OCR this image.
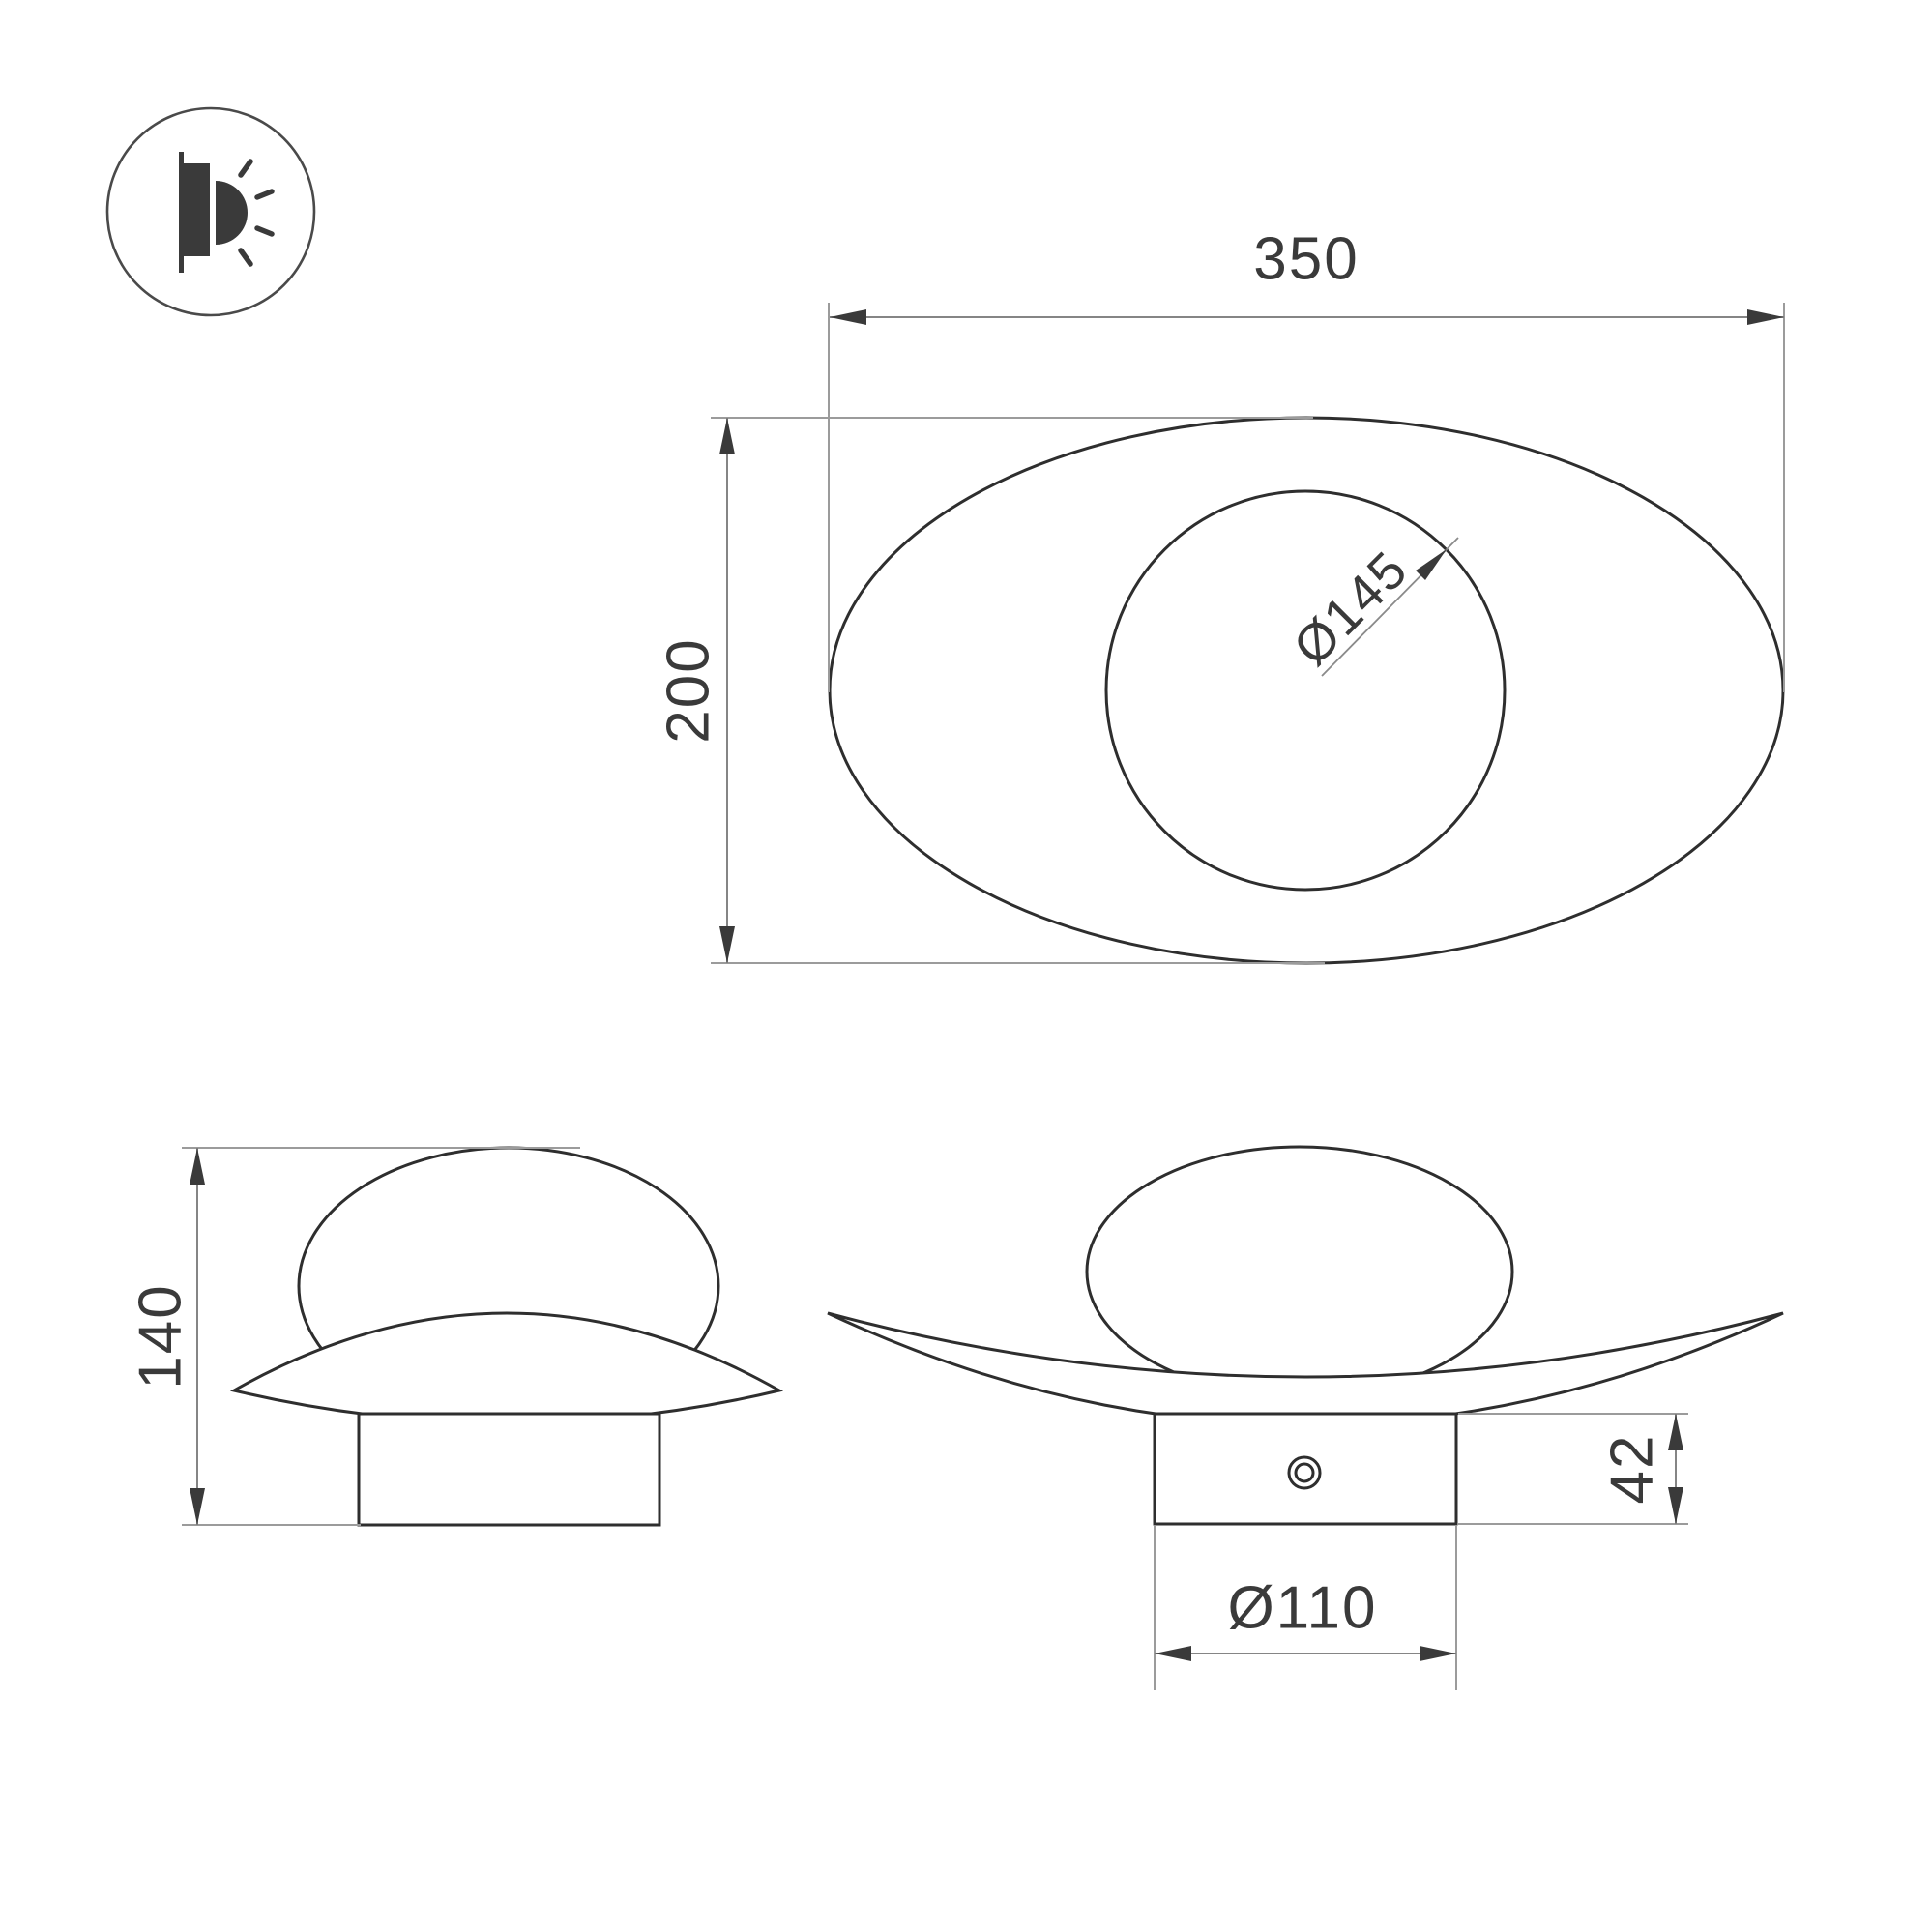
Ø145
350
200
140
42
Ø110
